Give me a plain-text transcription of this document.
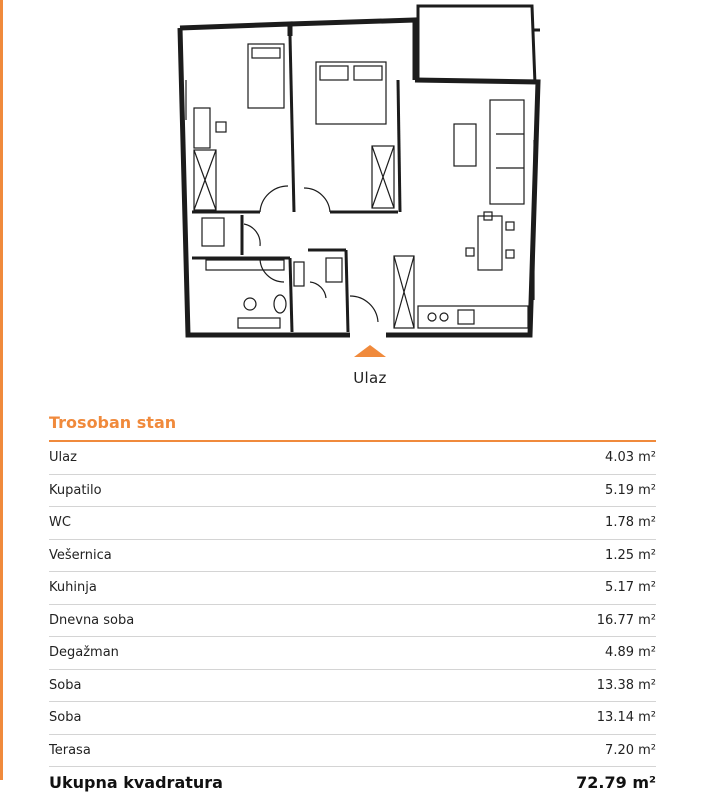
Ulaz
Trosoban stan
Ulaz	4.03 m²
Kupatilo	5.19 m²
WC	1.78 m²
Vešernica	1.25 m²
Kuhinja	5.17 m²
Dnevna soba	16.77 m²
Degažman	4.89 m²
Soba	13.38 m²
Soba	13.14 m²
Terasa	7.20 m²
Ukupna kvadratura	72.79 m²
